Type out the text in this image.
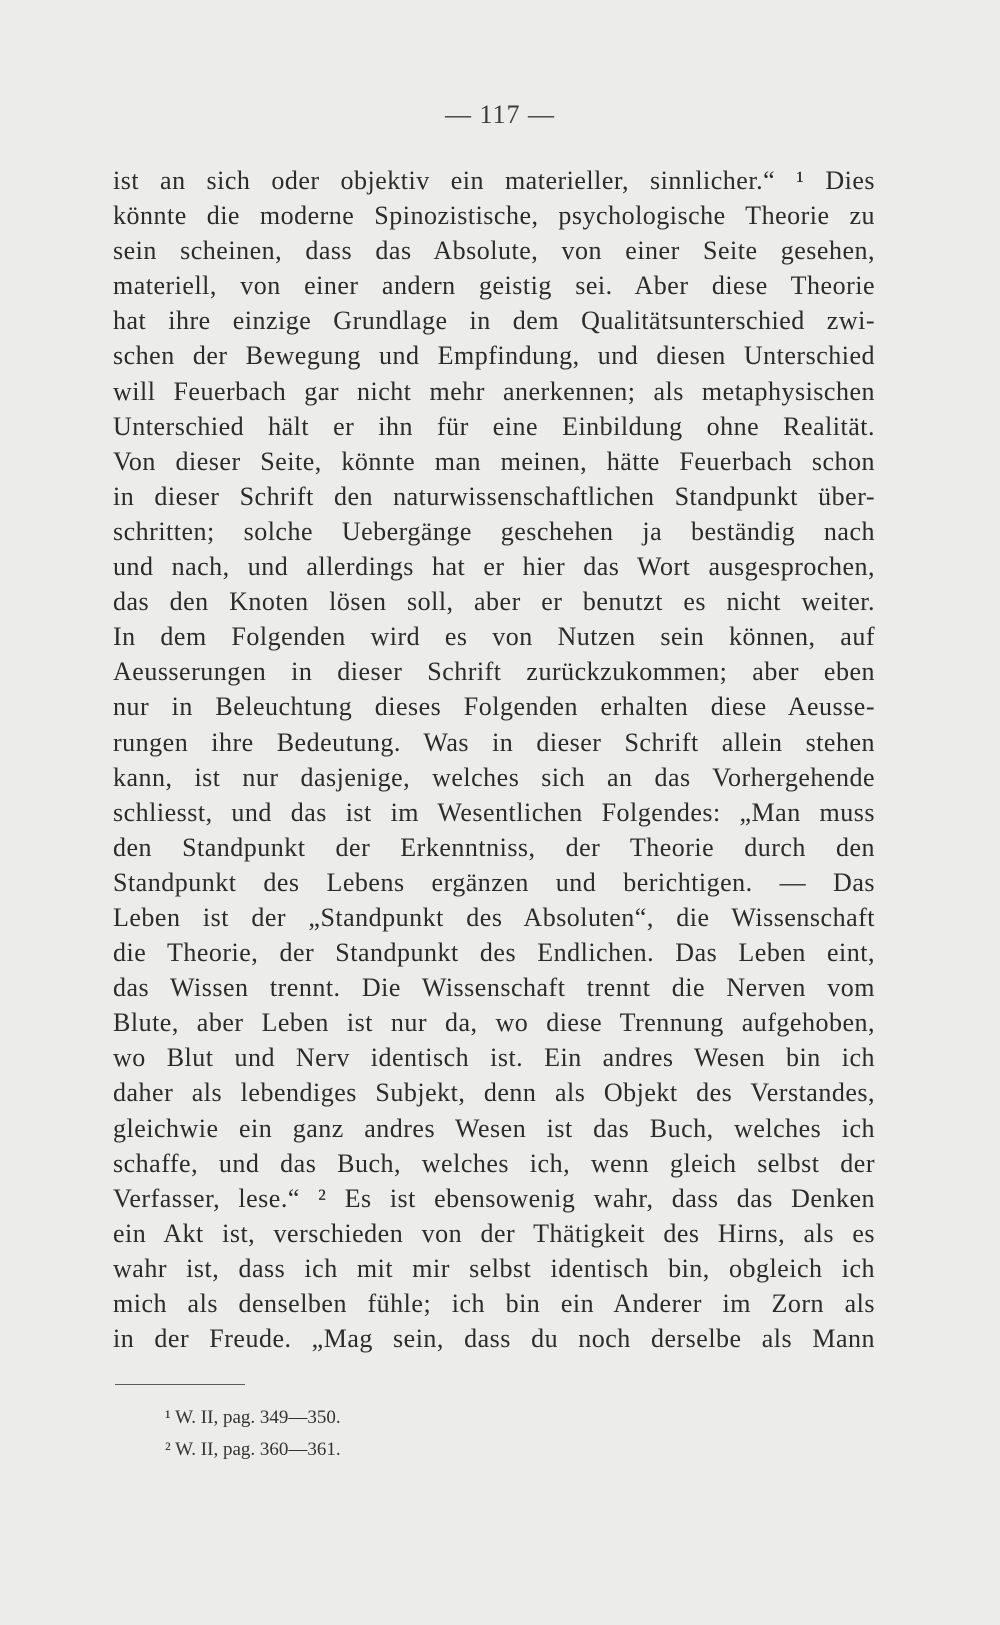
— 117 —
ist an sich oder objektiv ein materieller, sinnlicher.“ ¹ Dies
könnte die moderne Spinozistische, psychologische Theorie zu
sein scheinen, dass das Absolute, von einer Seite gesehen,
materiell, von einer andern geistig sei. Aber diese Theorie
hat ihre einzige Grundlage in dem Qualitätsunterschied zwi-
schen der Bewegung und Empfindung, und diesen Unterschied
will Feuerbach gar nicht mehr anerkennen; als metaphysischen
Unterschied hält er ihn für eine Einbildung ohne Realität.
Von dieser Seite, könnte man meinen, hätte Feuerbach schon
in dieser Schrift den naturwissenschaftlichen Standpunkt über-
schritten; solche Uebergänge geschehen ja beständig nach
und nach, und allerdings hat er hier das Wort ausgesprochen,
das den Knoten lösen soll, aber er benutzt es nicht weiter.
In dem Folgenden wird es von Nutzen sein können, auf
Aeusserungen in dieser Schrift zurückzukommen; aber eben
nur in Beleuchtung dieses Folgenden erhalten diese Aeusse-
rungen ihre Bedeutung. Was in dieser Schrift allein stehen
kann, ist nur dasjenige, welches sich an das Vorhergehende
schliesst, und das ist im Wesentlichen Folgendes: „Man muss
den Standpunkt der Erkenntniss, der Theorie durch den
Standpunkt des Lebens ergänzen und berichtigen. — Das
Leben ist der „Standpunkt des Absoluten“, die Wissenschaft
die Theorie, der Standpunkt des Endlichen. Das Leben eint,
das Wissen trennt. Die Wissenschaft trennt die Nerven vom
Blute, aber Leben ist nur da, wo diese Trennung aufgehoben,
wo Blut und Nerv identisch ist. Ein andres Wesen bin ich
daher als lebendiges Subjekt, denn als Objekt des Verstandes,
gleichwie ein ganz andres Wesen ist das Buch, welches ich
schaffe, und das Buch, welches ich, wenn gleich selbst der
Verfasser, lese.“ ² Es ist ebensowenig wahr, dass das Denken
ein Akt ist, verschieden von der Thätigkeit des Hirns, als es
wahr ist, dass ich mit mir selbst identisch bin, obgleich ich
mich als denselben fühle; ich bin ein Anderer im Zorn als
in der Freude. „Mag sein, dass du noch derselbe als Mann
¹ W. II, pag. 349—350.
² W. II, pag. 360—361.
